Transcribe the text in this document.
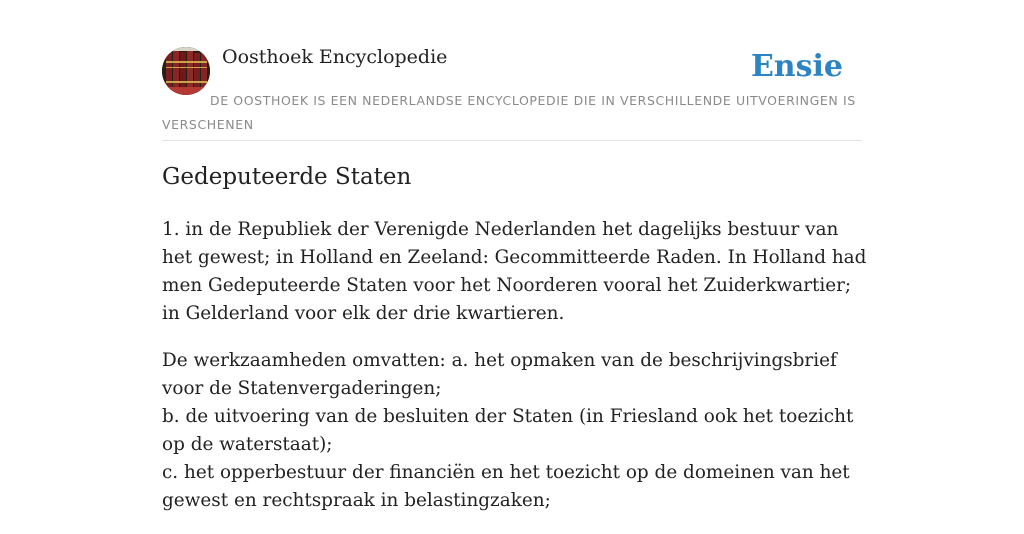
Oosthoek Encyclopedie	Ensie
DE OOSTHOEK IS EEN NEDERLANDSE ENCYCLOPEDIE DIE IN VERSCHILLENDE UITVOERINGEN IS VERSCHENEN
Gedeputeerde Staten

1. in de Republiek der Verenigde Nederlanden het dagelijks bestuur van het gewest; in Holland en Zeeland: Gecommitteerde Raden. In Holland had men Gedeputeerde Staten voor het Noorderen vooral het Zuiderkwartier; in Gelderland voor elk der drie kwartieren.

De werkzaamheden omvatten: a. het opmaken van de beschrijvingsbrief voor de Statenvergaderingen;
b. de uitvoering van de besluiten der Staten (in Friesland ook het toezicht op de waterstaat);
c. het opperbestuur der financiën en het toezicht op de domeinen van het gewest en rechtspraak in belastingzaken;
